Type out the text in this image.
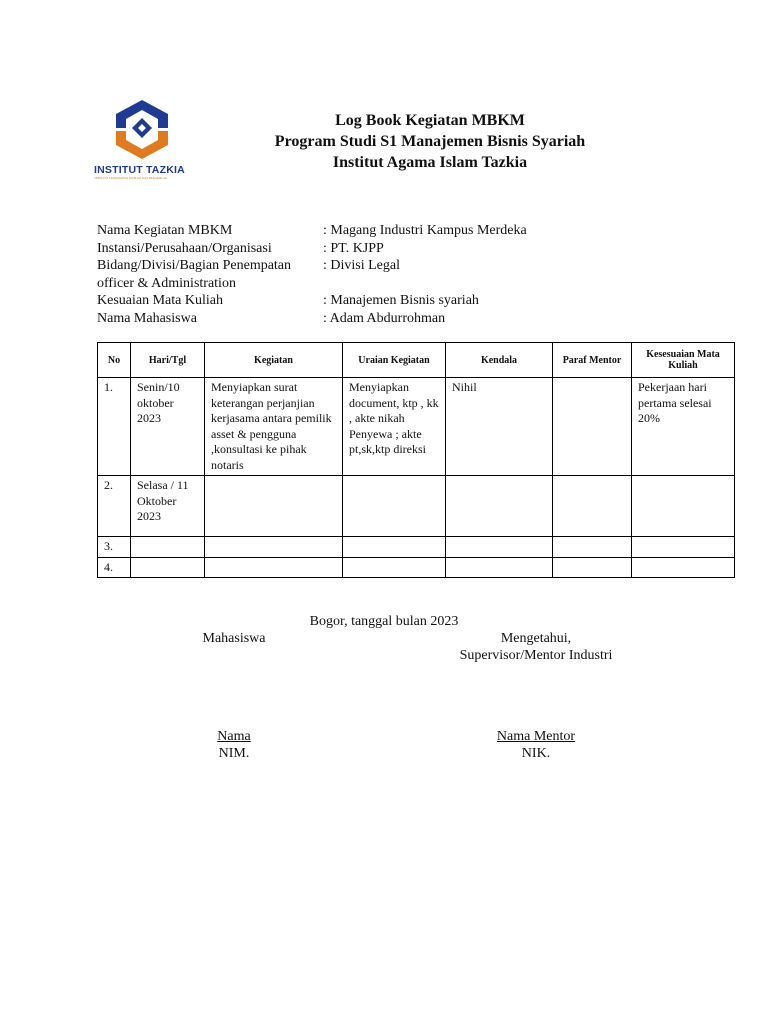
INSTITUT TAZKIA
SEBELUM EKONOMISTA MUSLIM DAN BERAKHLAK
Log Book Kegiatan MBKM
Program Studi S1 Manajemen Bisnis Syariah
Institut Agama Islam Tazkia
Nama Kegiatan MBKM	: Magang Industri Kampus Merdeka
Instansi/Perusahaan/Organisasi	: PT. KJPP
Bidang/Divisi/Bagian Penempatan : Divisi Legal
officer & Administration
Kesuaian Mata Kuliah	: Manajemen Bisnis syariah
Nama Mahasiswa	: Adam Abdurrohman
No	Hari/Tgl	Kegiatan	Uraian Kegiatan	Kendala	Paraf Mentor	Kesesuaian Mata Kuliah
1.	Senin/10 oktober 2023	Menyiapkan surat keterangan perjanjian kerjasama antara pemilik asset & pengguna ,konsultasi ke pihak notaris	Menyiapkan document, ktp , kk , akte nikah Penyewa ; akte pt,sk,ktp direksi	Nihil		Pekerjaan hari pertama selesai 20%
2.	Selasa / 11 Oktober 2023					
3.						
4.						
Bogor, tanggal bulan 2023
Mahasiswa	Mengetahui,
Supervisor/Mentor Industri
Nama
NIM.
Nama Mentor
NIK.
